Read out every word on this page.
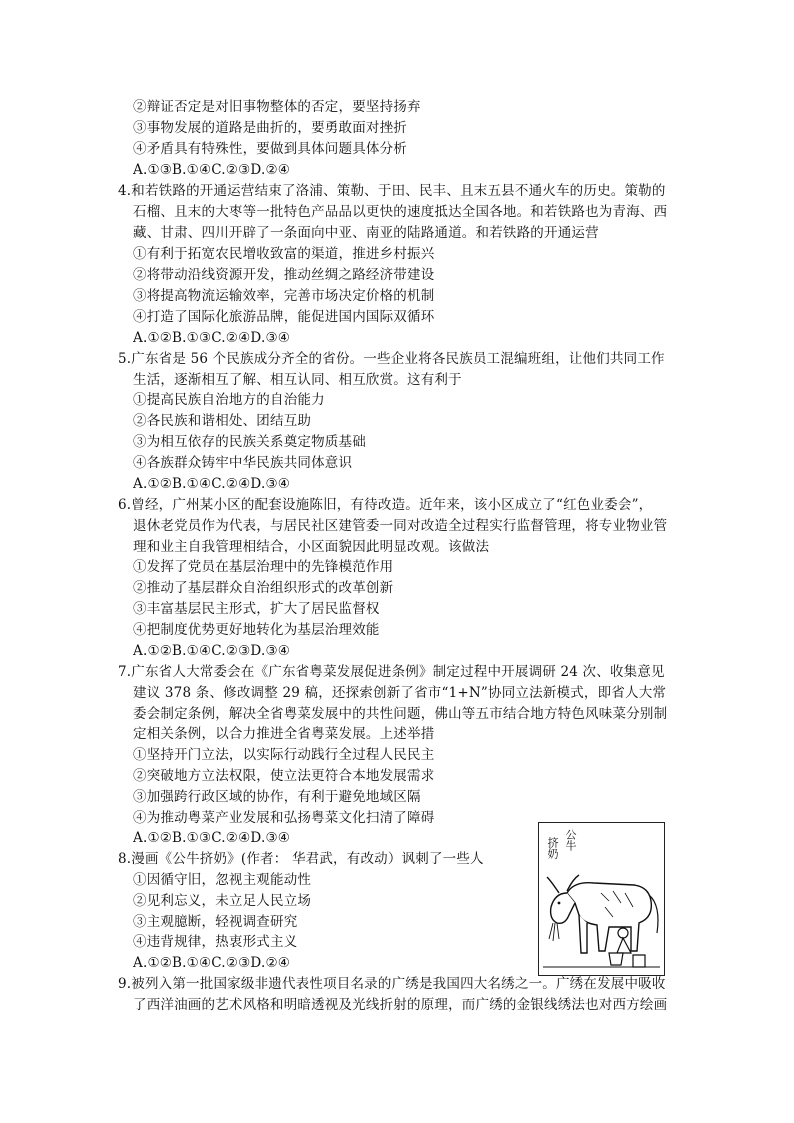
②辩证否定是对旧事物整体的否定，要坚持扬弃
③事物发展的道路是曲折的，要勇敢面对挫折
④矛盾具有特殊性，要做到具体问题具体分析
A.①③B.①④C.②③D.②④
4.和若铁路的开通运营结束了洛浦、策勒、于田、民丰、且末五县不通火车的历史。策勒的
石榴、且末的大枣等一批特色产品品以更快的速度抵达全国各地。和若铁路也为青海、西
藏、甘肃、四川开辟了一条面向中亚、南亚的陆路通道。和若铁路的开通运营
①有利于拓宽农民增收致富的渠道，推进乡村振兴
②将带动沿线资源开发，推动丝绸之路经济带建设
③将提高物流运输效率，完善市场决定价格的机制
④打造了国际化旅游品牌，能促进国内国际双循环
A.①②B.①③C.②④D.③④
5.广东省是 56 个民族成分齐全的省份。一些企业将各民族员工混编班组，让他们共同工作
生活，逐渐相互了解、相互认同、相互欣赏。这有利于
①提高民族自治地方的自治能力
②各民族和谐相处、团结互助
③为相互依存的民族关系奠定物质基础
④各族群众铸牢中华民族共同体意识
A.①②B.①④C.②④D.③④
6.曾经，广州某小区的配套设施陈旧，有待改造。近年来，该小区成立了“红色业委会”，
退休老党员作为代表，与居民社区建管委一同对改造全过程实行监督管理，将专业物业管
理和业主自我管理相结合，小区面貌因此明显改观。该做法
①发挥了党员在基层治理中的先锋模范作用
②推动了基层群众自治组织形式的改革创新
③丰富基层民主形式，扩大了居民监督权
④把制度优势更好地转化为基层治理效能
A.①②B.①④C.②③D.③④
7.广东省人大常委会在《广东省粤菜发展促进条例》制定过程中开展调研 24 次、收集意见
建议 378 条、修改调整 29 稿，还探索创新了省市“1+N”协同立法新模式，即省人大常
委会制定条例，解决全省粤菜发展中的共性问题，佛山等五市结合地方特色风味菜分别制
定相关条例，以合力推进全省粤菜发展。上述举措
①坚持开门立法，以实际行动践行全过程人民民主
②突破地方立法权限，使立法更符合本地发展需求
③加强跨行政区域的协作，有利于避免地域区隔
④为推动粤菜产业发展和弘扬粤菜文化扫清了障碍
A.①②B.①③C.②④D.③④
8.漫画《公牛挤奶》(作者： 华君武，有改动）讽刺了一些人
①因循守旧，忽视主观能动性
②见利忘义，未立足人民立场
③主观臆断，轻视调查研究
④违背规律，热衷形式主义
A.①②B.①④C.②③D.②④
9.被列入第一批国家级非遗代表性项目名录的广绣是我国四大名绣之一。广绣在发展中吸收
了西洋油画的艺术风格和明暗透视及光线折射的原理，而广绣的金银线绣法也对西方绘画
挤奶 公牛
